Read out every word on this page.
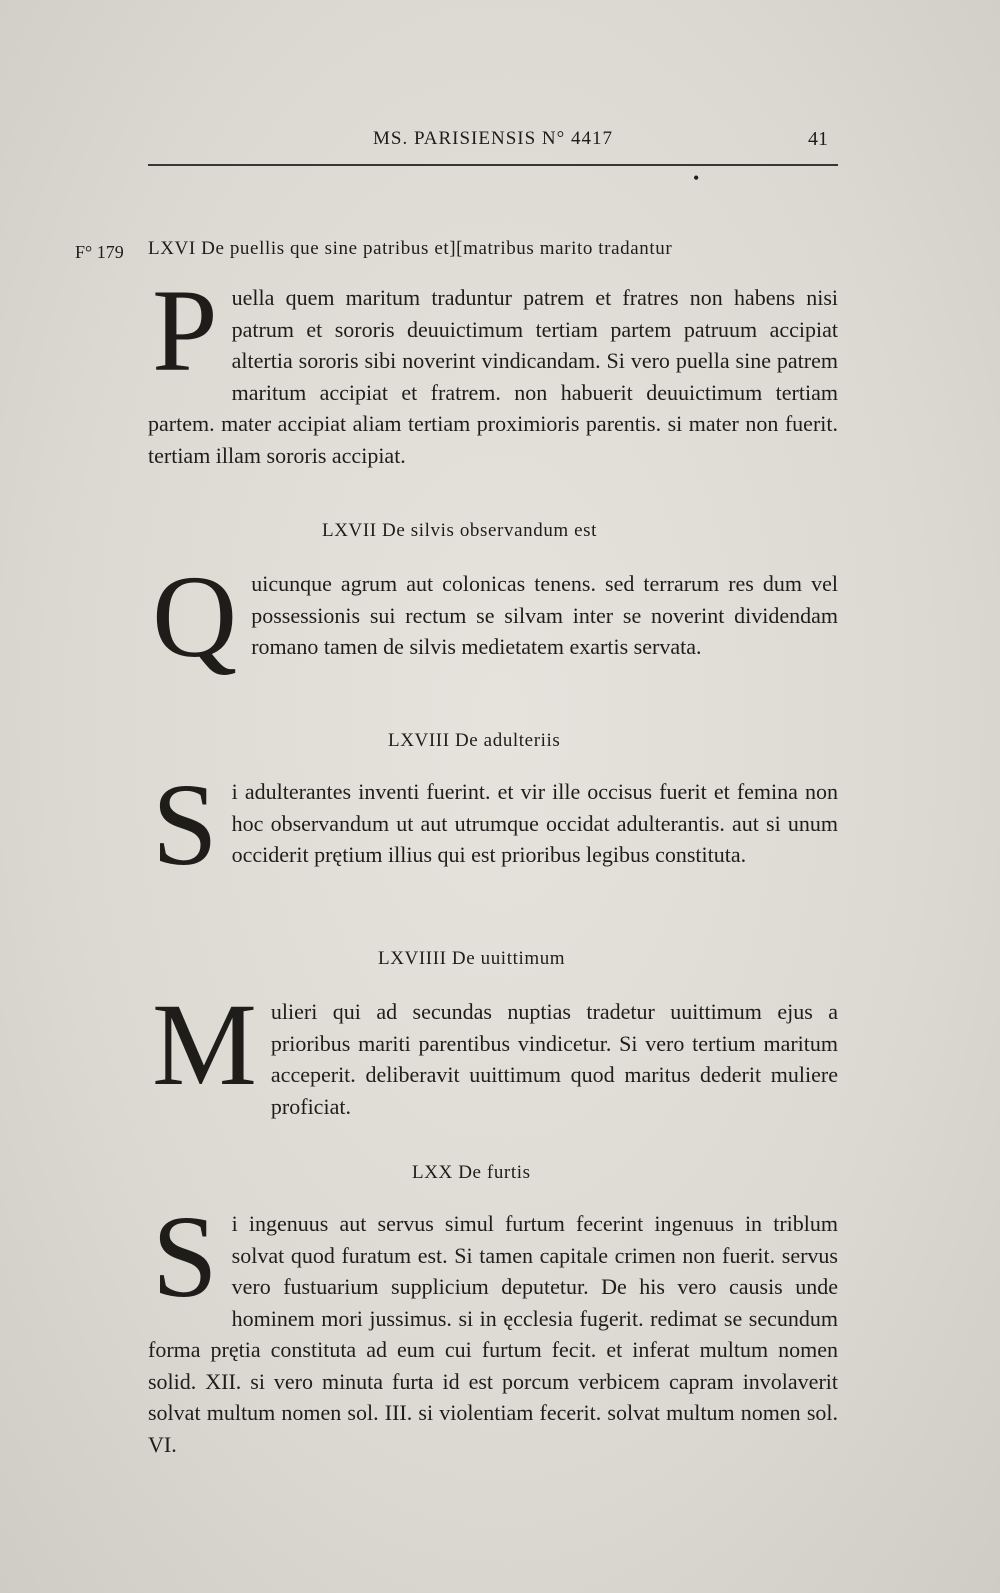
MS. PARISIENSIS N° 4417	41
•
F° 179 LXVI De puellis que sine patribus et][matribus marito tradantur
P uella quem maritum traduntur patrem et fratres non habens nisi patrum et sororis deuuictimum tertiam partem patruum accipiat altertia sororis sibi noverint vindicandam. Si vero puella sine patrem maritum accipiat et fratrem. non habuerit deuuictimum tertiam partem. mater accipiat aliam tertiam proximioris parentis. si mater non fuerit. tertiam illam sororis accipiat.

LXVII De silvis observandum est
Q uicunque agrum aut colonicas tenens. sed terrarum res dum vel possessionis sui rectum se silvam inter se noverint dividendam romano tamen de silvis medietatem exartis servata.

LXVIII De adulteriis
S i adulterantes inventi fuerint. et vir ille occisus fuerit et femina non hoc observandum ut aut utrumque occidat adulterantis. aut si unum occiderit prętium illius qui est prioribus legibus constituta.

LXVIIII De uuittimum
M ulieri qui ad secundas nuptias tradetur uuittimum ejus a prioribus mariti parentibus vindicetur. Si vero tertium maritum acceperit. deliberavit uuittimum quod maritus dederit muliere proficiat.

LXX De furtis
S i ingenuus aut servus simul furtum fecerint ingenuus in triblum solvat quod furatum est. Si tamen capitale crimen non fuerit. servus vero fustuarium supplicium deputetur. De his vero causis unde hominem mori jussimus. si in ęcclesia fugerit. redimat se secundum forma prętia constituta ad eum cui furtum fecit. et inferat multum nomen solid. XII. si vero minuta furta id est porcum verbicem capram involaverit solvat multum nomen sol. III. si violentiam fecerit. solvat multum nomen sol. VI.
